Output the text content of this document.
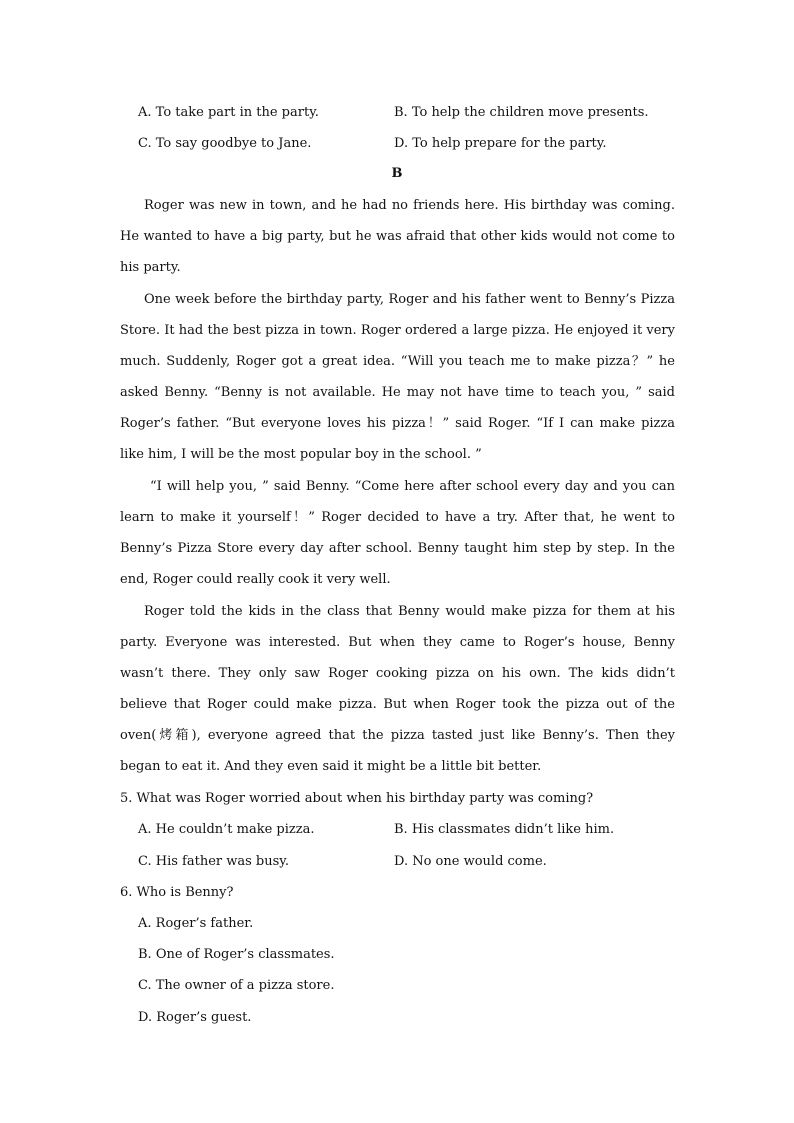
A. To take part in the party.	B. To help the children move presents.
C. To say goodbye to Jane.	D. To help prepare for the party.
B

Roger was new in town, and he had no friends here. His birthday was coming. He wanted to have a big party, but he was afraid that other kids would not come to his party.

One week before the birthday party, Roger and his father went to Benny’s Pizza Store. It had the best pizza in town. Roger ordered a large pizza. He enjoyed it very much. Suddenly, Roger got a great idea. “Will you teach me to make pizza？” he asked Benny. “Benny is not available. He may not have time to teach you, ” said Roger’s father. “But everyone loves his pizza！” said Roger. “If I can make pizza like him, I will be the most popular boy in the school. ”

“I will help you, ” said Benny. “Come here after school every day and you can learn to make it yourself！” Roger decided to have a try. After that, he went to Benny’s Pizza Store every day after school. Benny taught him step by step. In the end, Roger could really cook it very well.

Roger told the kids in the class that Benny would make pizza for them at his party. Everyone was interested. But when they came to Roger’s house, Benny wasn’t there. They only saw Roger cooking pizza on his own. The kids didn’t believe that Roger could make pizza. But when Roger took the pizza out of the oven(烤箱), everyone agreed that the pizza tasted just like Benny’s. Then they began to eat it. And they even said it might be a little bit better.

5. What was Roger worried about when his birthday party was coming?
A. He couldn’t make pizza.	B. His classmates didn’t like him.
C. His father was busy.	D. No one would come.
6. Who is Benny?
A. Roger’s father.
B. One of Roger’s classmates.
C. The owner of a pizza store.
D. Roger’s guest.
